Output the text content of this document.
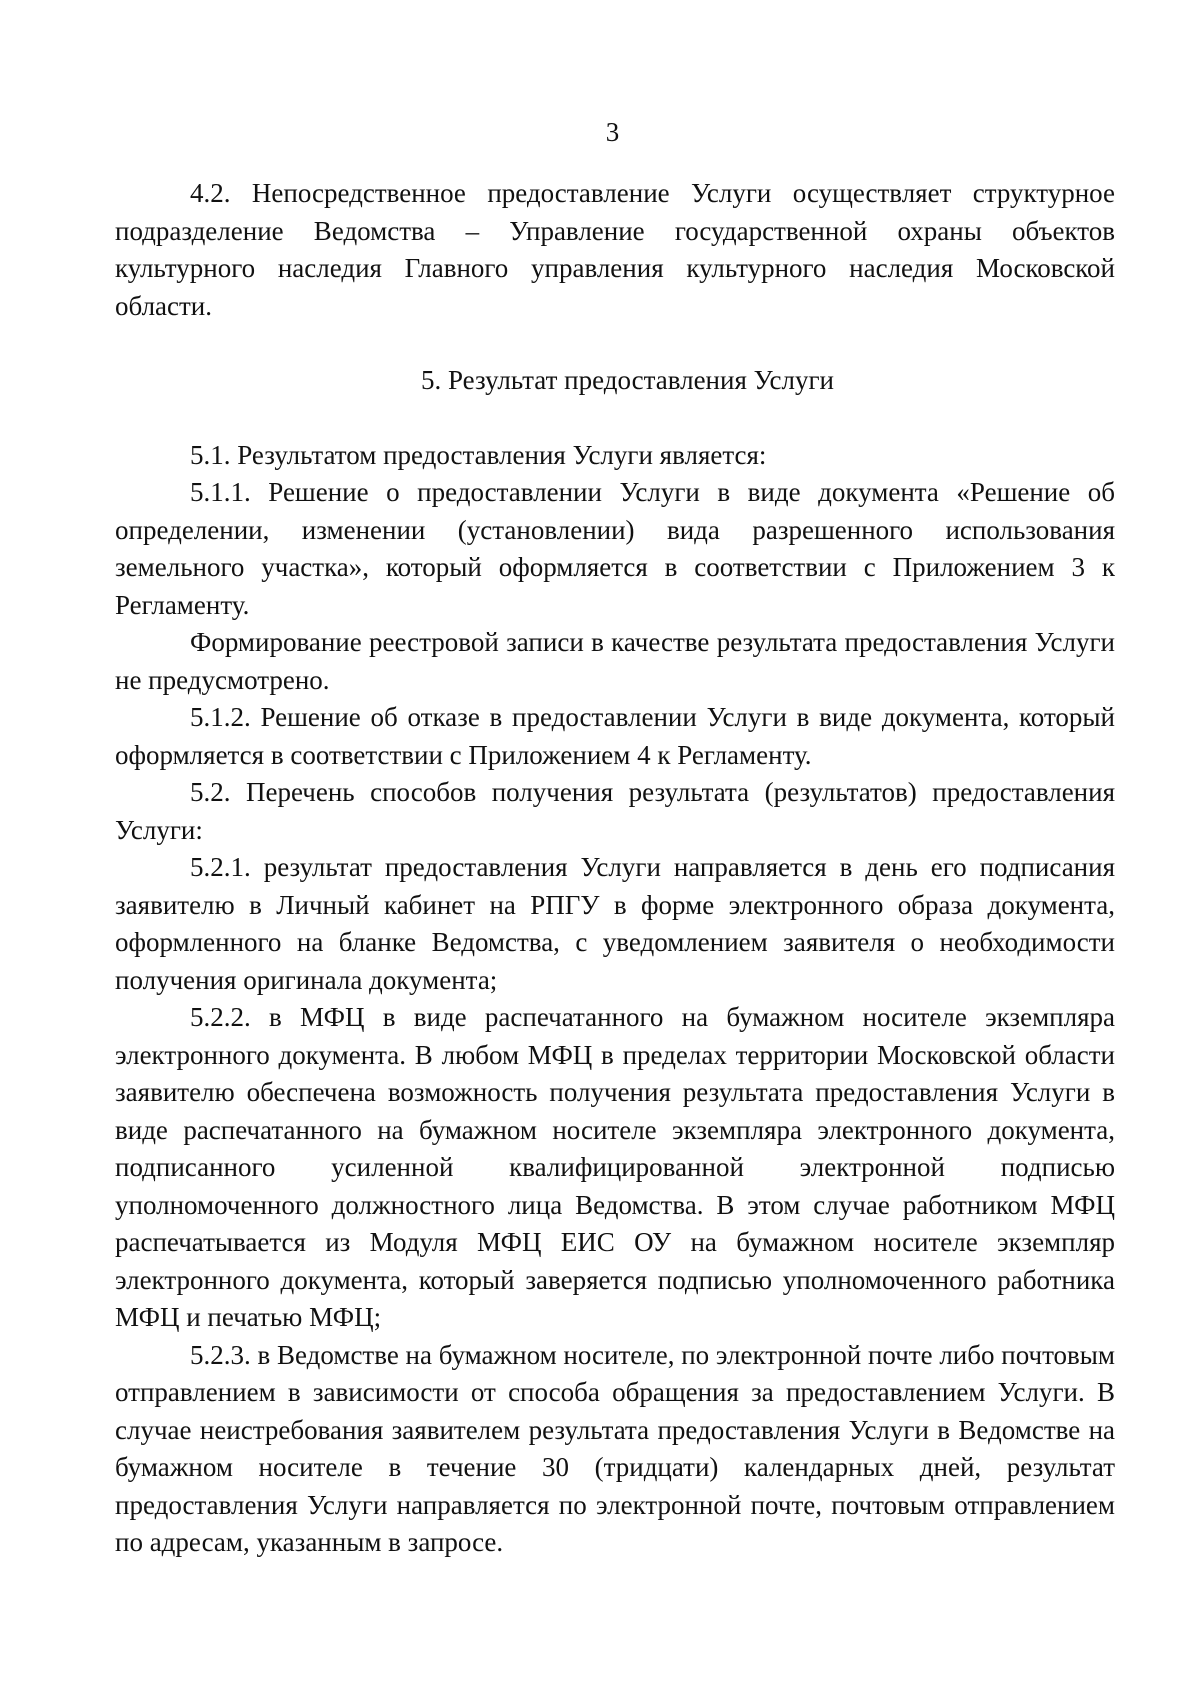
3

4.2. Непосредственное предоставление Услуги осуществляет структурное подразделение Ведомства – Управление государственной охраны объектов культурного наследия Главного управления культурного наследия Московской области.

5. Результат предоставления Услуги

5.1. Результатом предоставления Услуги является:

5.1.1. Решение о предоставлении Услуги в виде документа «Решение об определении, изменении (установлении) вида разрешенного использования земельного участка», который оформляется в соответствии с Приложением 3 к Регламенту.

Формирование реестровой записи в качестве результата предоставления Услуги не предусмотрено.

5.1.2. Решение об отказе в предоставлении Услуги в виде документа, который оформляется в соответствии с Приложением 4 к Регламенту.

5.2. Перечень способов получения результата (результатов) предоставления Услуги:

5.2.1. результат предоставления Услуги направляется в день его подписания заявителю в Личный кабинет на РПГУ в форме электронного образа документа, оформленного на бланке Ведомства, с уведомлением заявителя о необходимости получения оригинала документа;

5.2.2. в МФЦ в виде распечатанного на бумажном носителе экземпляра электронного документа. В любом МФЦ в пределах территории Московской области заявителю обеспечена возможность получения результата предоставления Услуги в виде распечатанного на бумажном носителе экземпляра электронного документа, подписанного усиленной квалифицированной электронной подписью уполномоченного должностного лица Ведомства. В этом случае работником МФЦ распечатывается из Модуля МФЦ ЕИС ОУ на бумажном носителе экземпляр электронного документа, который заверяется подписью уполномоченного работника МФЦ и печатью МФЦ;

5.2.3. в Ведомстве на бумажном носителе, по электронной почте либо почтовым отправлением в зависимости от способа обращения за предоставлением Услуги. В случае неистребования заявителем результата предоставления Услуги в Ведомстве на бумажном носителе в течение 30 (тридцати) календарных дней, результат предоставления Услуги направляется по электронной почте, почтовым отправлением по адресам, указанным в запросе.
